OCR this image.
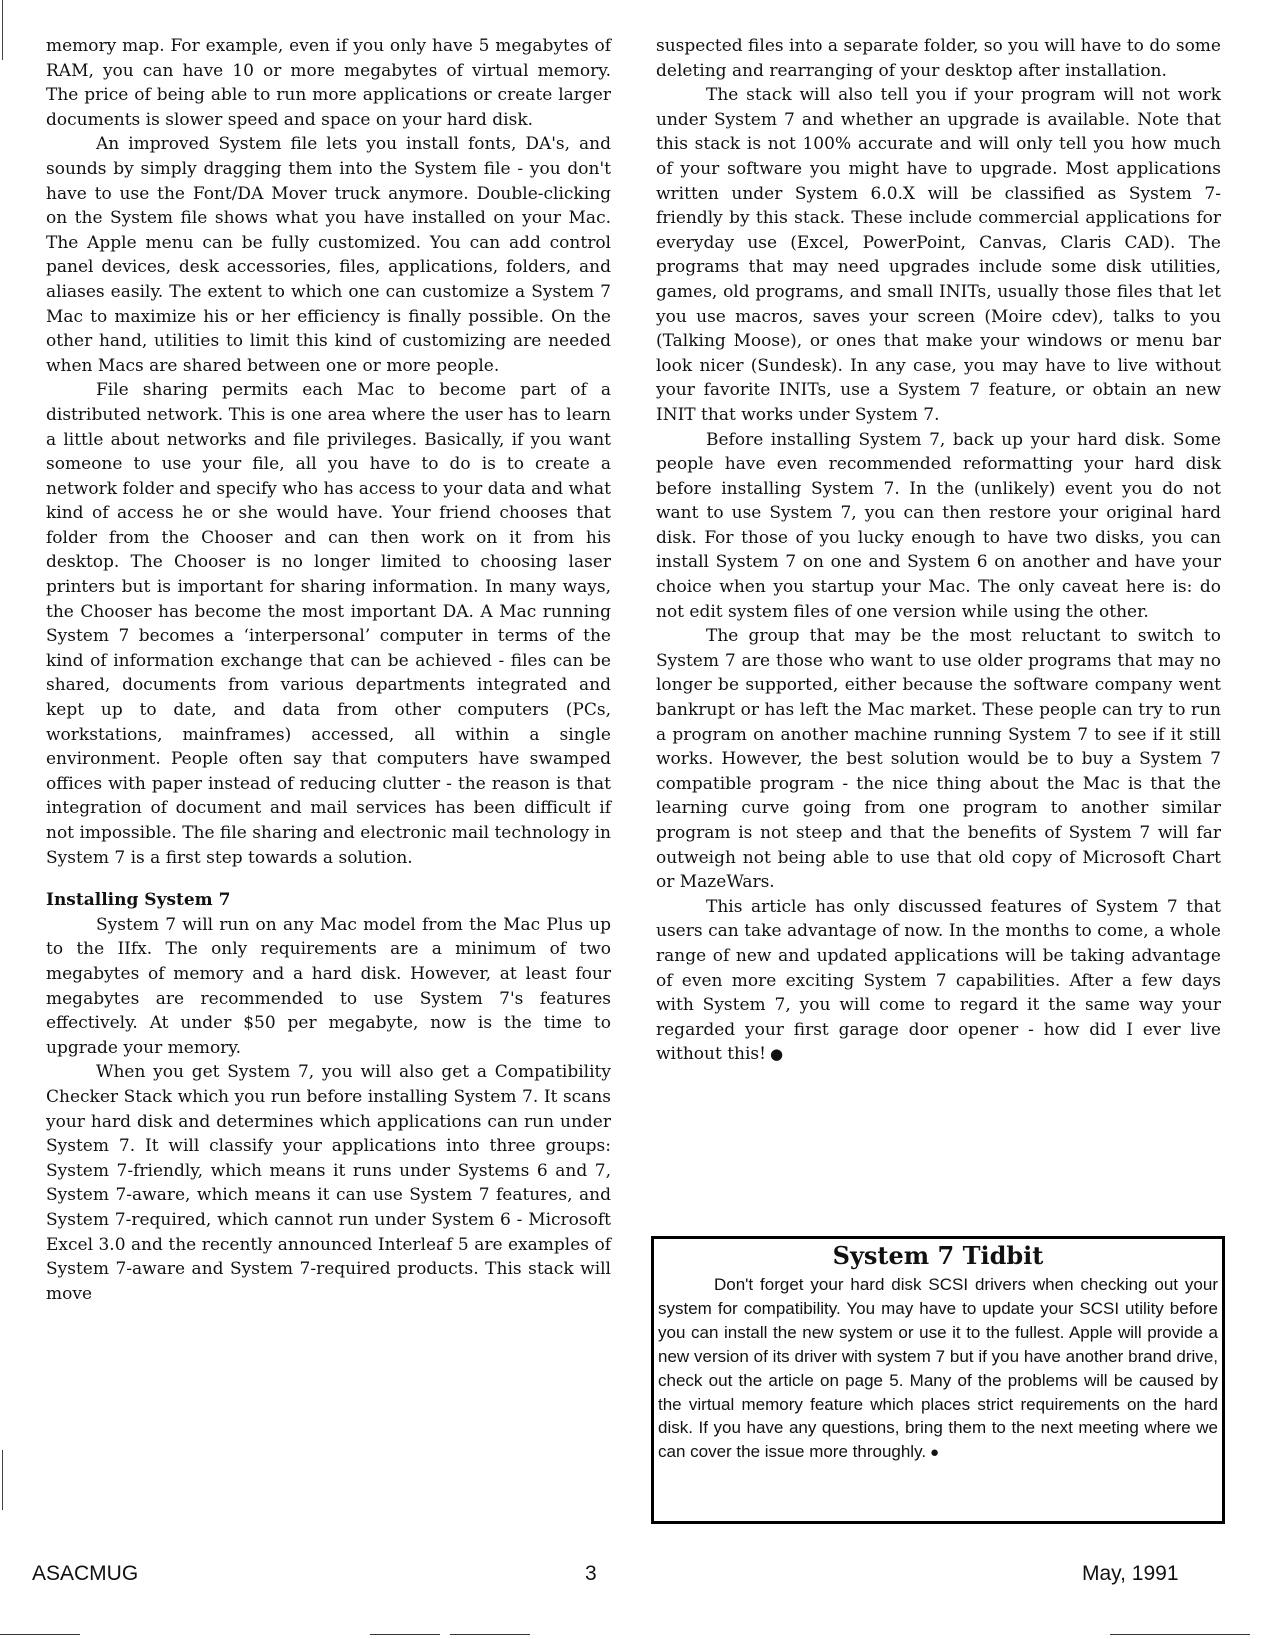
memory map. For example, even if you only have 5 megabytes of RAM, you can have 10 or more megabytes of virtual memory. The price of being able to run more applications or create larger documents is slower speed and space on your hard disk.

An improved System file lets you install fonts, DA's, and sounds by simply dragging them into the System file - you don't have to use the Font/DA Mover truck anymore. Double-clicking on the System file shows what you have installed on your Mac. The Apple menu can be fully customized. You can add control panel devices, desk accessories, files, applications, folders, and aliases easily. The extent to which one can customize a System 7 Mac to maximize his or her efficiency is finally possible. On the other hand, utilities to limit this kind of customizing are needed when Macs are shared between one or more people.

File sharing permits each Mac to become part of a distributed network. This is one area where the user has to learn a little about networks and file privileges. Basically, if you want someone to use your file, all you have to do is to create a network folder and specify who has access to your data and what kind of access he or she would have. Your friend chooses that folder from the Chooser and can then work on it from his desktop. The Chooser is no longer limited to choosing laser printers but is important for sharing information. In many ways, the Chooser has become the most important DA. A Mac running System 7 becomes a ‘interpersonal’ computer in terms of the kind of information exchange that can be achieved - files can be shared, documents from various departments integrated and kept up to date, and data from other computers (PCs, workstations, mainframes) accessed, all within a single environment. People often say that computers have swamped offices with paper instead of reducing clutter - the reason is that integration of document and mail services has been difficult if not impossible. The file sharing and electronic mail technology in System 7 is a first step towards a solution.

Installing System 7

System 7 will run on any Mac model from the Mac Plus up to the IIfx. The only requirements are a minimum of two megabytes of memory and a hard disk. However, at least four megabytes are recommended to use System 7's features effectively. At under $50 per megabyte, now is the time to upgrade your memory.

When you get System 7, you will also get a Compatibility Checker Stack which you run before installing System 7. It scans your hard disk and determines which applications can run under System 7. It will classify your applications into three groups: System 7-friendly, which means it runs under Systems 6 and 7, System 7-aware, which means it can use System 7 features, and System 7-required, which cannot run under System 6 - Microsoft Excel 3.0 and the recently announced Interleaf 5 are examples of System 7-aware and System 7-required products. This stack will move

suspected files into a separate folder, so you will have to do some deleting and rearranging of your desktop after installation.

The stack will also tell you if your program will not work under System 7 and whether an upgrade is available. Note that this stack is not 100% accurate and will only tell you how much of your software you might have to upgrade. Most applications written under System 6.0.X will be classified as System 7-friendly by this stack. These include commercial applications for everyday use (Excel, PowerPoint, Canvas, Claris CAD). The programs that may need upgrades include some disk utilities, games, old programs, and small INITs, usually those files that let you use macros, saves your screen (Moire cdev), talks to you (Talking Moose), or ones that make your windows or menu bar look nicer (Sundesk). In any case, you may have to live without your favorite INITs, use a System 7 feature, or obtain an new INIT that works under System 7.

Before installing System 7, back up your hard disk. Some people have even recommended reformatting your hard disk before installing System 7. In the (unlikely) event you do not want to use System 7, you can then restore your original hard disk. For those of you lucky enough to have two disks, you can install System 7 on one and System 6 on another and have your choice when you startup your Mac. The only caveat here is: do not edit system files of one version while using the other.

The group that may be the most reluctant to switch to System 7 are those who want to use older programs that may no longer be supported, either because the software company went bankrupt or has left the Mac market. These people can try to run a program on another machine running System 7 to see if it still works. However, the best solution would be to buy a System 7 compatible program - the nice thing about the Mac is that the learning curve going from one program to another similar program is not steep and that the benefits of System 7 will far outweigh not being able to use that old copy of Microsoft Chart or MazeWars.

This article has only discussed features of System 7 that users can take advantage of now. In the months to come, a whole range of new and updated applications will be taking advantage of even more exciting System 7 capabilities. After a few days with System 7, you will come to regard it the same way your regarded your first garage door opener - how did I ever live without this! ●

System 7 Tidbit

Don't forget your hard disk SCSI drivers when checking out your system for compatibility. You may have to update your SCSI utility before you can install the new system or use it to the fullest. Apple will provide a new version of its driver with system 7 but if you have another brand drive, check out the article on page 5. Many of the problems will be caused by the virtual memory feature which places strict requirements on the hard disk. If you have any questions, bring them to the next meeting where we can cover the issue more throughly. ●

ASACMUG	3	May, 1991
